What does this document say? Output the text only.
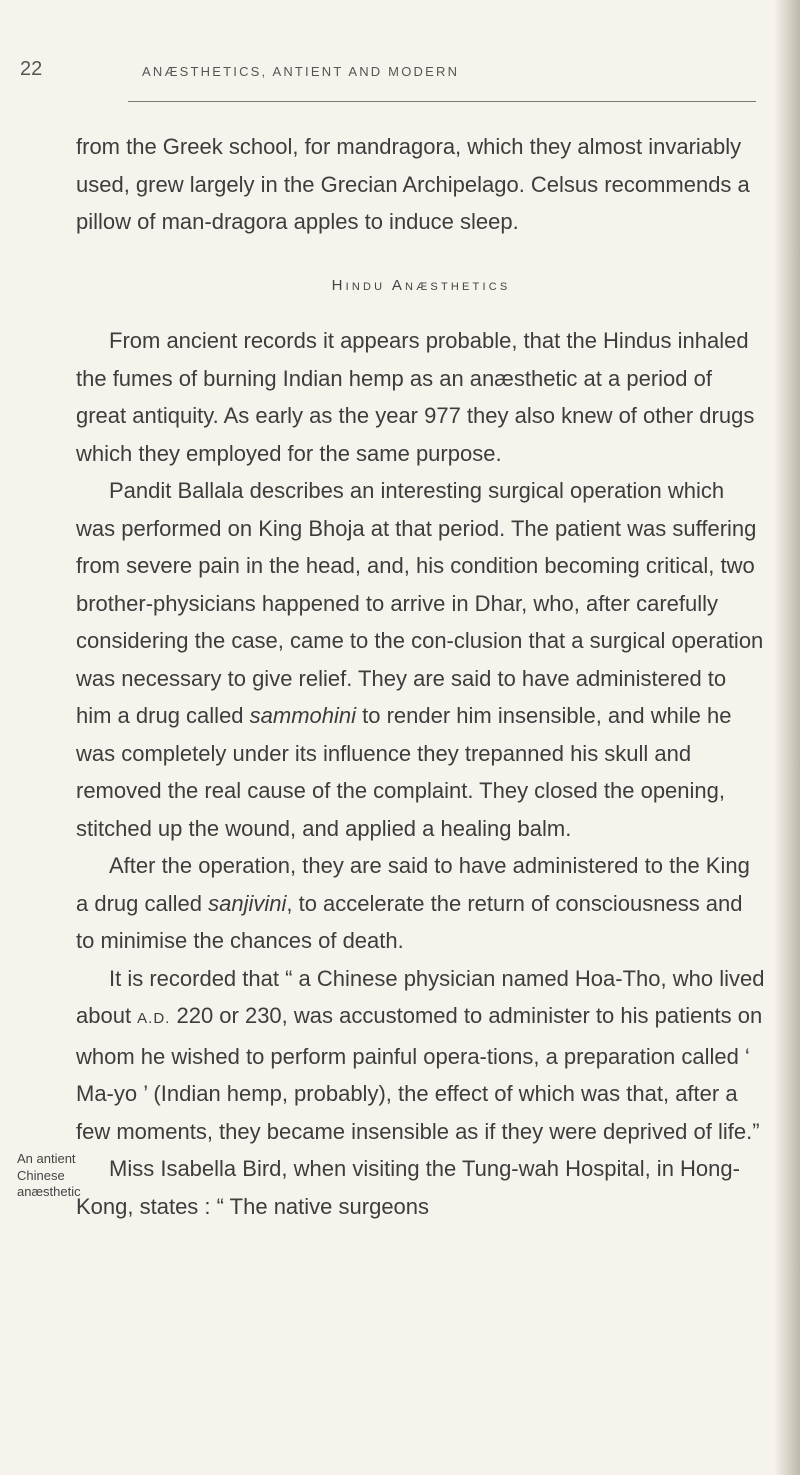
22	ANÆSTHETICS, ANTIENT AND MODERN

from the Greek school, for mandragora, which they almost invariably used, grew largely in the Grecian Archipelago. Celsus recommends a pillow of man-dragora apples to induce sleep.

Hindu Anæsthetics

From ancient records it appears probable, that the Hindus inhaled the fumes of burning Indian hemp as an anæsthetic at a period of great antiquity. As early as the year 977 they also knew of other drugs which they employed for the same purpose.

Pandit Ballala describes an interesting surgical operation which was performed on King Bhoja at that period. The patient was suffering from severe pain in the head, and, his condition becoming critical, two brother-physicians happened to arrive in Dhar, who, after carefully considering the case, came to the con-clusion that a surgical operation was necessary to give relief. They are said to have administered to him a drug called sammohini to render him insensible, and while he was completely under its influence they trepanned his skull and removed the real cause of the complaint. They closed the opening, stitched up the wound, and applied a healing balm.

After the operation, they are said to have administered to the King a drug called sanjivini, to accelerate the return of consciousness and to minimise the chances of death.

It is recorded that “ a Chinese physician named Hoa-Tho, who lived about A.D. 220 or 230, was accustomed to administer to his patients on whom he wished to perform painful opera-tions, a preparation called ‘ Ma-yo ’ (Indian hemp, probably), the effect of which was that, after a few moments, they became insensible as if they were deprived of life.”

Miss Isabella Bird, when visiting the Tung-wah Hospital, in Hong-Kong, states : “ The native surgeons

An antient
Chinese
anæsthetic
